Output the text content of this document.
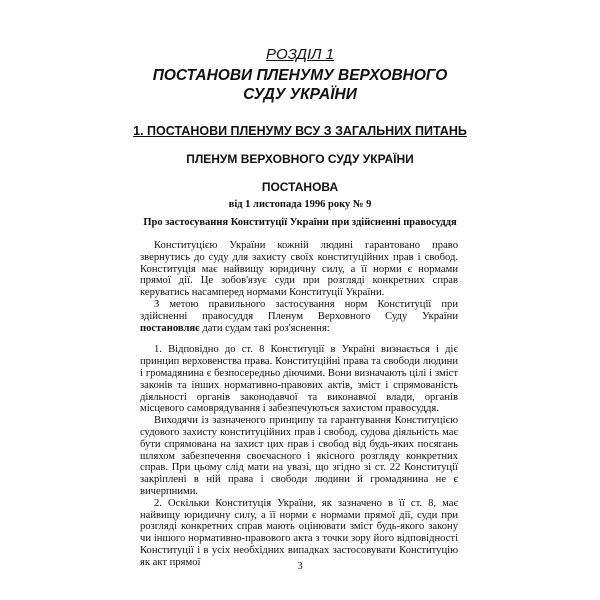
РОЗДІЛ 1
ПОСТАНОВИ ПЛЕНУМУ ВЕРХОВНОГО СУДУ УКРАЇНИ
1. ПОСТАНОВИ ПЛЕНУМУ ВСУ З ЗАГАЛЬНИХ ПИТАНЬ
ПЛЕНУМ ВЕРХОВНОГО СУДУ УКРАЇНИ
ПОСТАНОВА
від 1 листопада 1996 року № 9
Про застосування Конституції України при здійсненні правосуддя

Конституцією України кожній людині гарантовано право звернутись до суду для захисту своїх конституційних прав і свобод. Конституція має найвищу юридичну силу, а її норми є нормами прямої дії. Це зобов'язує суди при розгляді конкретних справ керуватись насамперед нормами Конституції України.

З метою правильного застосування норм Конституції при здійсненні правосуддя Пленум Верховного Суду України постановляє дати судам такі роз'яснення:

1. Відповідно до ст. 8 Конституції в Україні визнається і діє принцип верховенства права. Конституційні права та свободи людини і громадянина є безпосередньо діючими. Вони визначають цілі і зміст законів та інших нормативно-правових актів, зміст і спрямованість діяльності органів законодавчої та виконавчої влади, органів місцевого самоврядування і забезпечуються захистом правосуддя.

Виходячи із зазначеного принципу та гарантування Конституцією судового захисту конституційних прав і свобод, судова діяльність має бути спрямована на захист цих прав і свобод від будь-яких посягань шляхом забезпечення своєчасного і якісного розгляду конкретних справ. При цьому слід мати на увазі, що згідно зі ст. 22 Конституції закріплені в ній права і свободи людини й громадянина не є вичерпними.

2. Оскільки Конституція України, як зазначено в її ст. 8, має найвищу юридичну силу, а її норми є нормами прямої дії, суди при розгляді конкретних справ мають оцінювати зміст будь-якого закону чи іншого нормативно-правового акта з точки зору його відповідності Конституції і в усіх необхідних випадках застосовувати Конституцію як акт прямої	3
